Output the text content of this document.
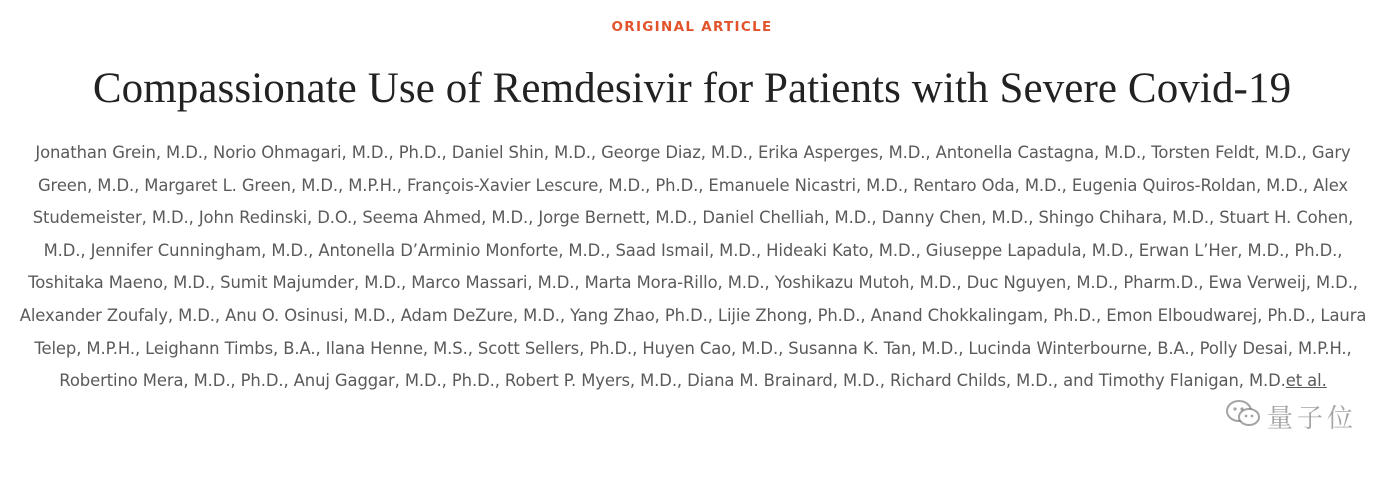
ORIGINAL ARTICLE
Compassionate Use of Remdesivir for Patients with Severe Covid-19
Jonathan Grein, M.D., Norio Ohmagari, M.D., Ph.D., Daniel Shin, M.D., George Diaz, M.D., Erika Asperges, M.D., Antonella Castagna, M.D., Torsten Feldt, M.D., Gary Green, M.D., Margaret L. Green, M.D., M.P.H., François-Xavier Lescure, M.D., Ph.D., Emanuele Nicastri, M.D., Rentaro Oda, M.D., Eugenia Quiros-Roldan, M.D., Alex Studemeister, M.D., John Redinski, D.O., Seema Ahmed, M.D., Jorge Bernett, M.D., Daniel Chelliah, M.D., Danny Chen, M.D., Shingo Chihara, M.D., Stuart H. Cohen, M.D., Jennifer Cunningham, M.D., Antonella D’Arminio Monforte, M.D., Saad Ismail, M.D., Hideaki Kato, M.D., Giuseppe Lapadula, M.D., Erwan L’Her, M.D., Ph.D., Toshitaka Maeno, M.D., Sumit Majumder, M.D., Marco Massari, M.D., Marta Mora-Rillo, M.D., Yoshikazu Mutoh, M.D., Duc Nguyen, M.D., Pharm.D., Ewa Verweij, M.D., Alexander Zoufaly, M.D., Anu O. Osinusi, M.D., Adam DeZure, M.D., Yang Zhao, Ph.D., Lijie Zhong, Ph.D., Anand Chokkalingam, Ph.D., Emon Elboudwarej, Ph.D., Laura Telep, M.P.H., Leighann Timbs, B.A., Ilana Henne, M.S., Scott Sellers, Ph.D., Huyen Cao, M.D., Susanna K. Tan, M.D., Lucinda Winterbourne, B.A., Polly Desai, M.P.H., Robertino Mera, M.D., Ph.D., Anuj Gaggar, M.D., Ph.D., Robert P. Myers, M.D., Diana M. Brainard, M.D., Richard Childs, M.D., and Timothy Flanigan, M.D.et al.
量子位
